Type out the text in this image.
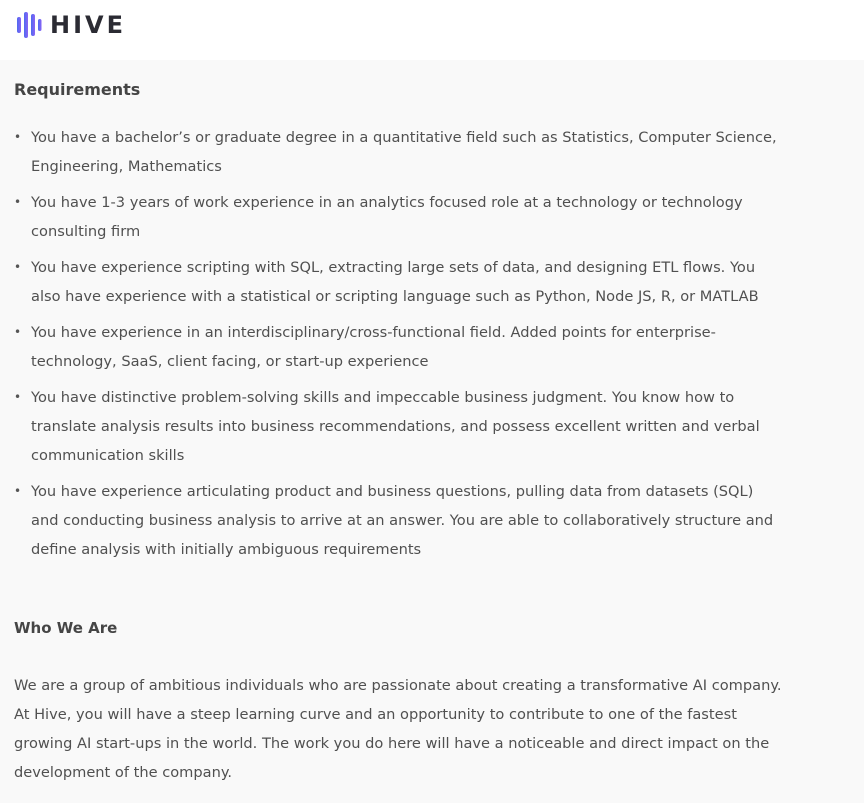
HIVE
Requirements
• You have a bachelor’s or graduate degree in a quantitative field such as Statistics, Computer Science, Engineering, Mathematics
• You have 1-3 years of work experience in an analytics focused role at a technology or technology consulting firm
• You have experience scripting with SQL, extracting large sets of data, and designing ETL flows. You also have experience with a statistical or scripting language such as Python, Node JS, R, or MATLAB
• You have experience in an interdisciplinary/cross-functional field. Added points for enterprise-technology, SaaS, client facing, or start-up experience
• You have distinctive problem-solving skills and impeccable business judgment. You know how to translate analysis results into business recommendations, and possess excellent written and verbal communication skills
• You have experience articulating product and business questions, pulling data from datasets (SQL) and conducting business analysis to arrive at an answer. You are able to collaboratively structure and define analysis with initially ambiguous requirements
Who We Are

We are a group of ambitious individuals who are passionate about creating a transformative AI company. At Hive, you will have a steep learning curve and an opportunity to contribute to one of the fastest growing AI start-ups in the world. The work you do here will have a noticeable and direct impact on the development of the company.
